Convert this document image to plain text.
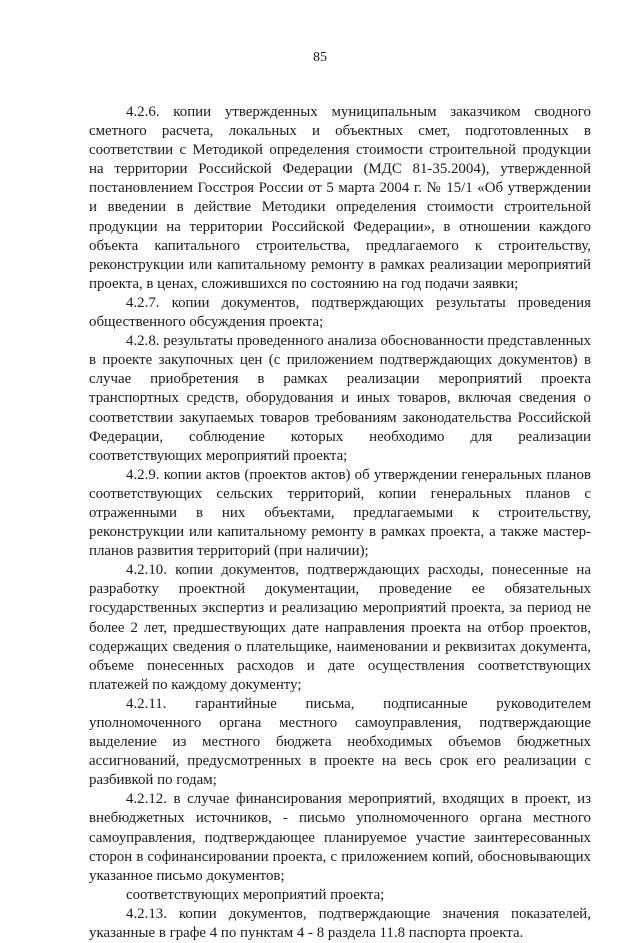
85

4.2.6. копии утвержденных муниципальным заказчиком сводного сметного расчета, локальных и объектных смет, подготовленных в соответствии с Методикой определения стоимости строительной продукции на территории Российской Федерации (МДС 81-35.2004), утвержденной постановлением Госстроя России от 5 марта 2004 г. № 15/1 «Об утверждении и введении в действие Методики определения стоимости строительной продукции на территории Российской Федерации», в отношении каждого объекта капитального строительства, предлагаемого к строительству, реконструкции или капитальному ремонту в рамках реализации мероприятий проекта, в ценах, сложившихся по состоянию на год подачи заявки;

4.2.7. копии документов, подтверждающих результаты проведения общественного обсуждения проекта;

4.2.8. результаты проведенного анализа обоснованности представленных в проекте закупочных цен (с приложением подтверждающих документов) в случае приобретения в рамках реализации мероприятий проекта транспортных средств, оборудования и иных товаров, включая сведения о соответствии закупаемых товаров требованиям законодательства Российской Федерации, соблюдение которых необходимо для реализации соответствующих мероприятий проекта;

4.2.9. копии актов (проектов актов) об утверждении генеральных планов соответствующих сельских территорий, копии генеральных планов с отраженными в них объектами, предлагаемыми к строительству, реконструкции или капитальному ремонту в рамках проекта, а также мастер-планов развития территорий (при наличии);

4.2.10. копии документов, подтверждающих расходы, понесенные на разработку проектной документации, проведение ее обязательных государственных экспертиз и реализацию мероприятий проекта, за период не более 2 лет, предшествующих дате направления проекта на отбор проектов, содержащих сведения о плательщике, наименовании и реквизитах документа, объеме понесенных расходов и дате осуществления соответствующих платежей по каждому документу;

4.2.11. гарантийные письма, подписанные руководителем уполномоченного органа местного самоуправления, подтверждающие выделение из местного бюджета необходимых объемов бюджетных ассигнований, предусмотренных в проекте на весь срок его реализации с разбивкой по годам;

4.2.12. в случае финансирования мероприятий, входящих в проект, из внебюджетных источников, - письмо уполномоченного органа местного самоуправления, подтверждающее планируемое участие заинтересованных сторон в софинансировании проекта, с приложением копий, обосновывающих указанное письмо документов;

соответствующих мероприятий проекта;

4.2.13. копии документов, подтверждающие значения показателей, указанные в графе 4 по пунктам 4 - 8 раздела 11.8 паспорта проекта.
